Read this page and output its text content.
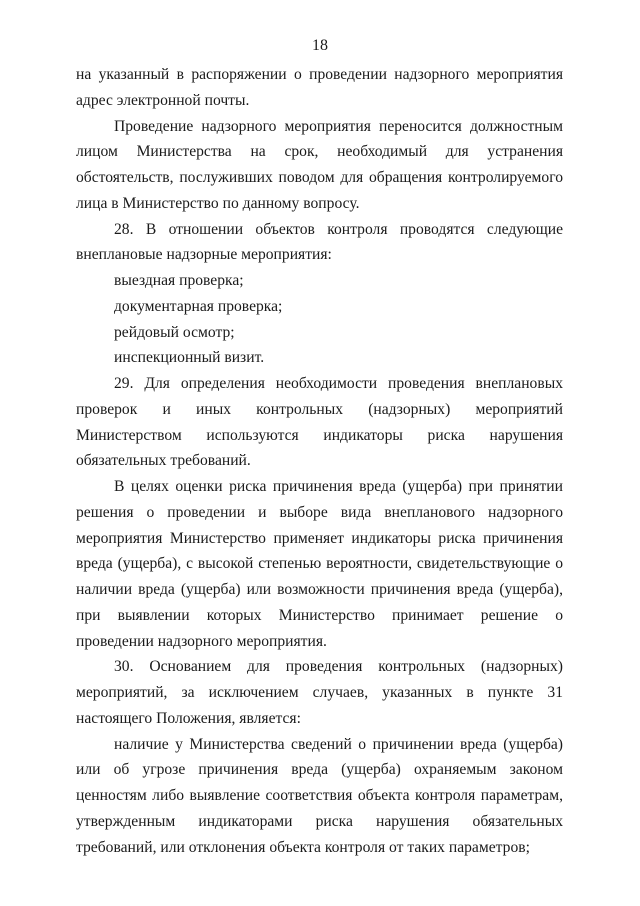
18

на указанный в распоряжении о проведении надзорного мероприятия адрес электронной почты.

Проведение надзорного мероприятия переносится должностным лицом Министерства на срок, необходимый для устранения обстоятельств, послуживших поводом для обращения контролируемого лица в Министерство по данному вопросу.

28. В отношении объектов контроля проводятся следующие внеплановые надзорные мероприятия:

выездная проверка;

документарная проверка;

рейдовый осмотр;

инспекционный визит.

29. Для определения необходимости проведения внеплановых проверок и иных контрольных (надзорных) мероприятий Министерством используются индикаторы риска нарушения обязательных требований.

В целях оценки риска причинения вреда (ущерба) при принятии решения о проведении и выборе вида внепланового надзорного мероприятия Министерство применяет индикаторы риска причинения вреда (ущерба), с высокой степенью вероятности, свидетельствующие о наличии вреда (ущерба) или возможности причинения вреда (ущерба), при выявлении которых Министерство принимает решение о проведении надзорного мероприятия.

30. Основанием для проведения контрольных (надзорных) мероприятий, за исключением случаев, указанных в пункте 31 настоящего Положения, является:

наличие у Министерства сведений о причинении вреда (ущерба) или об угрозе причинения вреда (ущерба) охраняемым законом ценностям либо выявление соответствия объекта контроля параметрам, утвержденным индикаторами риска нарушения обязательных требований, или отклонения объекта контроля от таких параметров;
